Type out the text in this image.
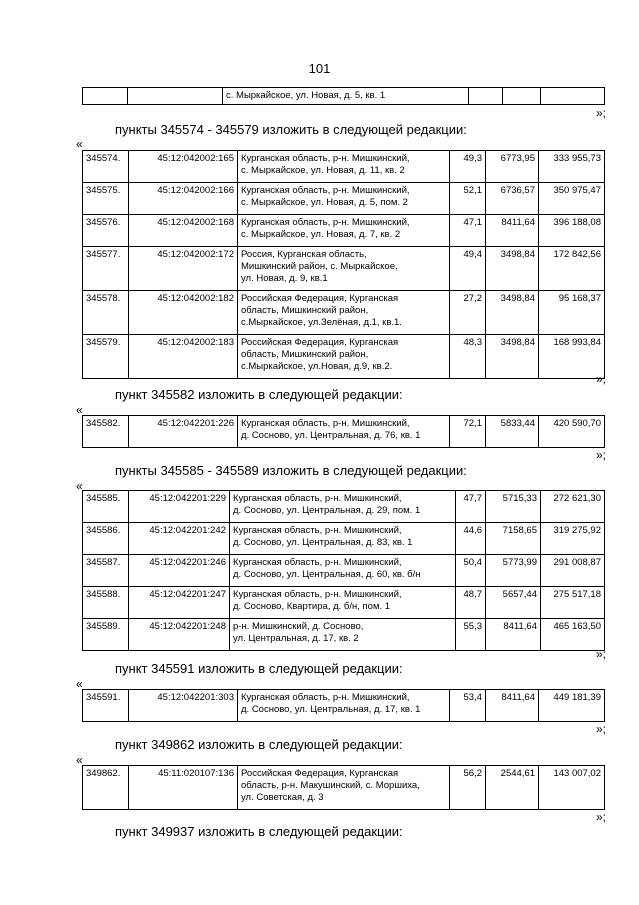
101
		с. Мыркайское, ул. Новая, д. 5, кв. 1			
»;
пункты 345574 - 345579 изложить в следующей редакции:
«
345574.	45:12:042002:165	Курганская область, р-н. Мишкинский,
с. Мыркайское, ул. Новая, д. 11, кв. 2	49,3	6773,95	333 955,73
345575.	45:12:042002:166	Курганская область, р-н. Мишкинский,
с. Мыркайское, ул. Новая, д. 5, пом. 2	52,1	6736,57	350 975,47
345576.	45:12:042002:168	Курганская область, р-н. Мишкинский,
с. Мыркайское, ул. Новая, д. 7, кв. 2	47,1	8411,64	396 188,08
345577.	45:12:042002:172	Россия, Курганская область,
Мишкинский район, с. Мыркайское,
ул. Новая, д. 9, кв.1	49,4	3498,84	172 842,56
345578.	45:12:042002:182	Российская Федерация, Курганская
область, Мишкинский район,
с.Мыркайское, ул.Зелёная, д.1, кв.1.	27,2	3498,84	95 168,37
345579.	45:12:042002:183	Российская Федерация, Курганская
область, Мишкинский район,
с.Мыркайское, ул.Новая, д.9, кв.2.	48,3	3498,84	168 993,84
»;
пункт 345582 изложить в следующей редакции:
«
345582.	45:12:042201:226	Курганская область, р-н. Мишкинский,
д. Сосново, ул. Центральная, д. 76, кв. 1
	72,1	5833,44	420 590,70
»;
пункты 345585 - 345589 изложить в следующей редакции:
«
345585.	45:12:042201:229	Курганская область, р-н. Мишкинский,
д. Сосново, ул. Центральная, д. 29, пом. 1	47,7	5715,33	272 621,30
345586.	45:12:042201:242	Курганская область, р-н. Мишкинский,
д. Сосново, ул. Центральная, д. 83, кв. 1	44,6	7158,65	319 275,92
345587.	45:12:042201:246	Курганская область, р-н. Мишкинский,
д. Сосново, ул. Центральная, д. 60, кв. б/н	50,4	5773,99	291 008,87
345588.	45:12:042201:247	Курганская область, р-н. Мишкинский,
д. Сосново, Квартира, д. б/н, пом. 1	48,7	5657,44	275 517,18
345589.	45:12:042201:248	р-н. Мишкинский, д. Сосново,
ул. Центральная, д. 17, кв. 2	55,3	8411,64	465 163,50
»;
пункт 345591 изложить в следующей редакции:
«
345591.	45:12:042201:303	Курганская область, р-н. Мишкинский,
д. Сосново, ул. Центральная, д. 17, кв. 1
	53,4	8411,64	449 181,39
»;
пункт 349862 изложить в следующей редакции:
«
349862.	45:11:020107:136	Российская Федерация, Курганская
область, р-н. Макушинский, с. Моршиха,
ул. Советская, д. 3
	56,2	2544,61	143 007,02
»;
пункт 349937 изложить в следующей редакции:
